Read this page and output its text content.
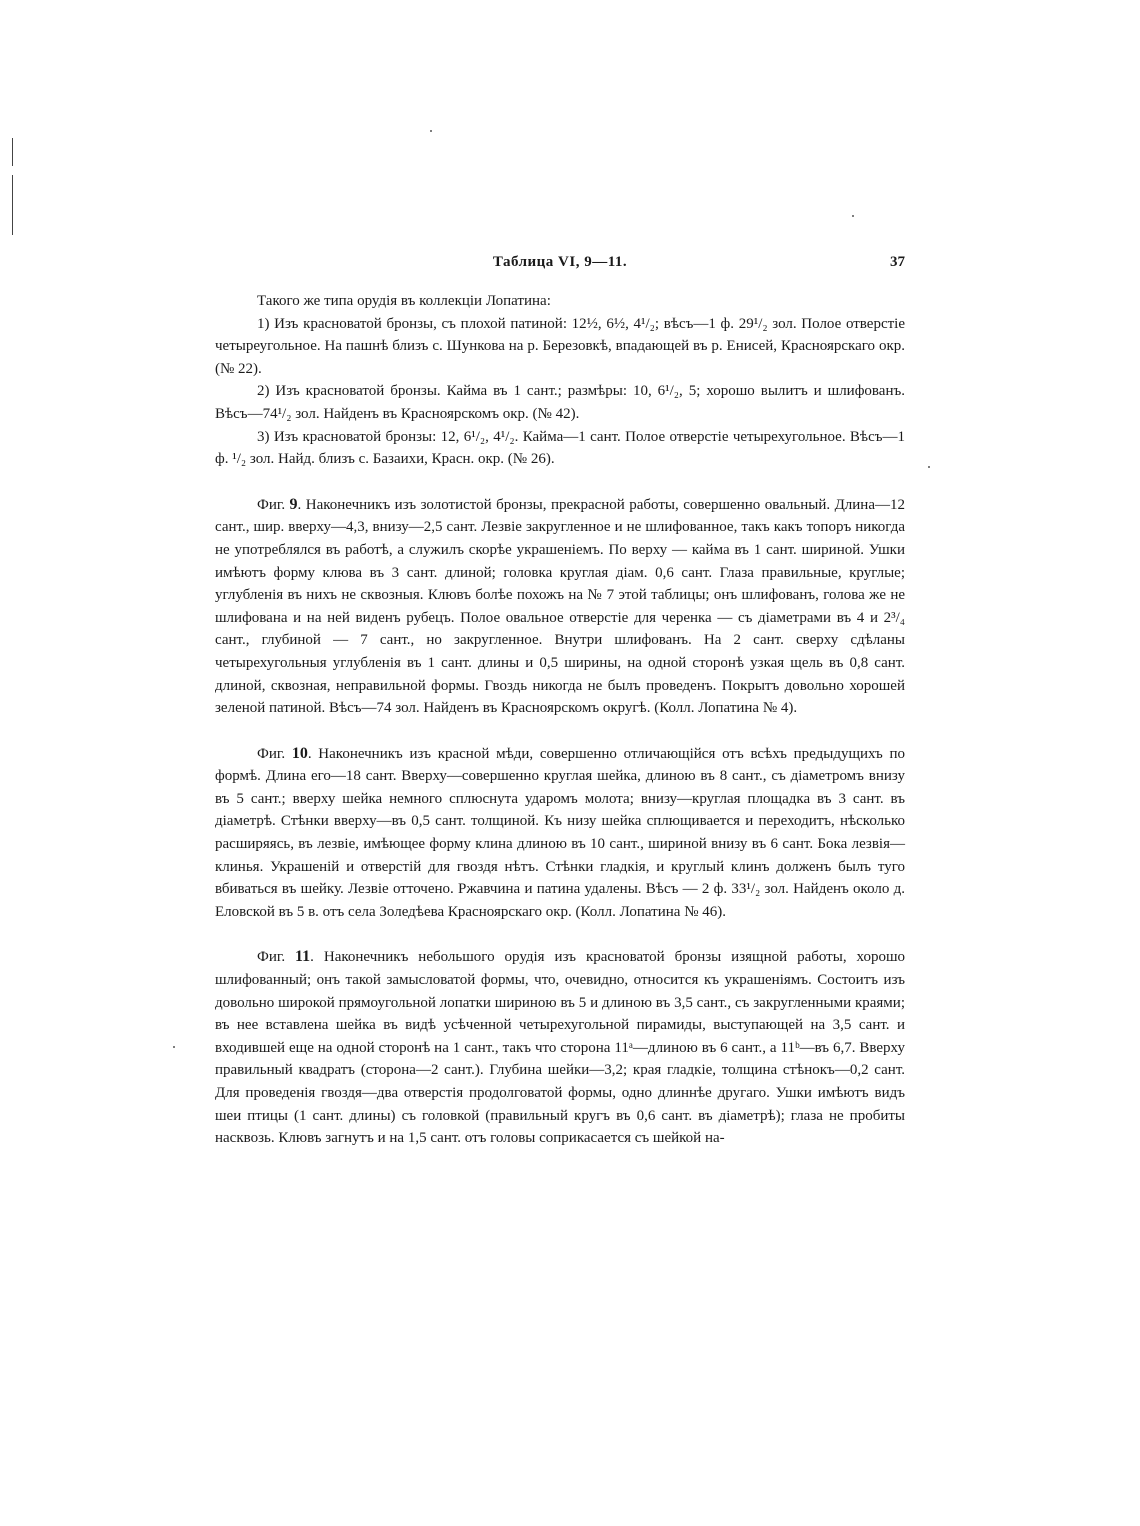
Таблица VI, 9—11.	37

Такого же типа орудія въ коллекціи Лопатина:

1) Изъ красноватой бронзы, съ плохой патиной: 12½, 6½, 4¹/₂; вѣсъ—1 ф. 29¹/₂ зол. Полое отверстіе четыреугольное. На пашнѣ близъ с. Шункова на р. Березовкѣ, впадающей въ р. Енисей, Красноярскаго окр. (№ 22).

2) Изъ красноватой бронзы. Кайма въ 1 сант.; размѣры: 10, 6¹/₂, 5; хорошо вылитъ и шлифованъ. Вѣсъ—74¹/₂ зол. Найденъ въ Красноярскомъ окр. (№ 42).

3) Изъ красноватой бронзы: 12, 6¹/₂, 4¹/₂. Кайма—1 сант. Полое отверстіе четырехугольное. Вѣсъ—1 ф. ¹/₂ зол. Найд. близъ с. Базаихи, Красн. окр. (№ 26).

Фиг. 9. Наконечникъ изъ золотистой бронзы, прекрасной работы, совершенно овальный. Длина—12 сант., шир. вверху—4,3, внизу—2,5 сант. Лезвіе закругленное и не шлифованное, такъ какъ топоръ никогда не употреблялся въ работѣ, а служилъ скорѣе украшеніемъ. По верху — кайма въ 1 сант. шириной. Ушки имѣютъ форму клюва въ 3 сант. длиной; головка круглая діам. 0,6 сант. Глаза правильные, круглые; углубленія въ нихъ не сквозныя. Клювъ болѣе похожъ на № 7 этой таблицы; онъ шлифованъ, голова же не шлифована и на ней виденъ рубецъ. Полое овальное отверстіе для черенка — съ діаметрами въ 4 и 2³/₄ сант., глубиной — 7 сант., но закругленное. Внутри шлифованъ. На 2 сант. сверху сдѣланы четырехугольныя углубленія въ 1 сант. длины и 0,5 ширины, на одной сторонѣ узкая щель въ 0,8 сант. длиной, сквозная, неправильной формы. Гвоздь никогда не былъ проведенъ. Покрытъ довольно хорошей зеленой патиной. Вѣсъ—74 зол. Найденъ въ Красноярскомъ округѣ. (Колл. Лопатина № 4).

Фиг. 10. Наконечникъ изъ красной мѣди, совершенно отличающійся отъ всѣхъ предыдущихъ по формѣ. Длина его—18 сант. Вверху—совершенно круглая шейка, длиною въ 8 сант., съ діаметромъ внизу въ 5 сант.; вверху шейка немного сплюснута ударомъ молота; внизу—круглая площадка въ 3 сант. въ діаметрѣ. Стѣнки вверху—въ 0,5 сант. толщиной. Къ низу шейка сплющивается и переходитъ, нѣсколько расширяясь, въ лезвіе, имѣющее форму клина длиною въ 10 сант., шириной внизу въ 6 сант. Бока лезвія—клинья. Украшеній и отверстій для гвоздя нѣтъ. Стѣнки гладкія, и круглый клинъ долженъ былъ туго вбиваться въ шейку. Лезвіе отточено. Ржавчина и патина удалены. Вѣсъ — 2 ф. 33¹/₂ зол. Найденъ около д. Еловской въ 5 в. отъ села Золедѣева Красноярскаго окр. (Колл. Лопатина № 46).

Фиг. 11. Наконечникъ небольшого орудія изъ красноватой бронзы изящной работы, хорошо шлифованный; онъ такой замысловатой формы, что, очевидно, относится къ украшеніямъ. Состоитъ изъ довольно широкой прямоугольной лопатки шириною въ 5 и длиною въ 3,5 сант., съ закругленными краями; въ нее вставлена шейка въ видѣ усѣченной четырехугольной пирамиды, выступающей на 3,5 сант. и входившей еще на одной сторонѣ на 1 сант., такъ что сторона 11ᵃ—длиною въ 6 сант., а 11ᵇ—въ 6,7. Вверху правильный квадратъ (сторона—2 сант.). Глубина шейки—3,2; края гладкіе, толщина стѣнокъ—0,2 сант. Для проведенія гвоздя—два отверстія продолговатой формы, одно длиннѣе другаго. Ушки имѣютъ видъ шеи птицы (1 сант. длины) съ головкой (правильный кругъ въ 0,6 сант. въ діаметрѣ); глаза не пробиты насквозь. Клювъ загнутъ и на 1,5 сант. отъ головы соприкасается съ шейкой на-
